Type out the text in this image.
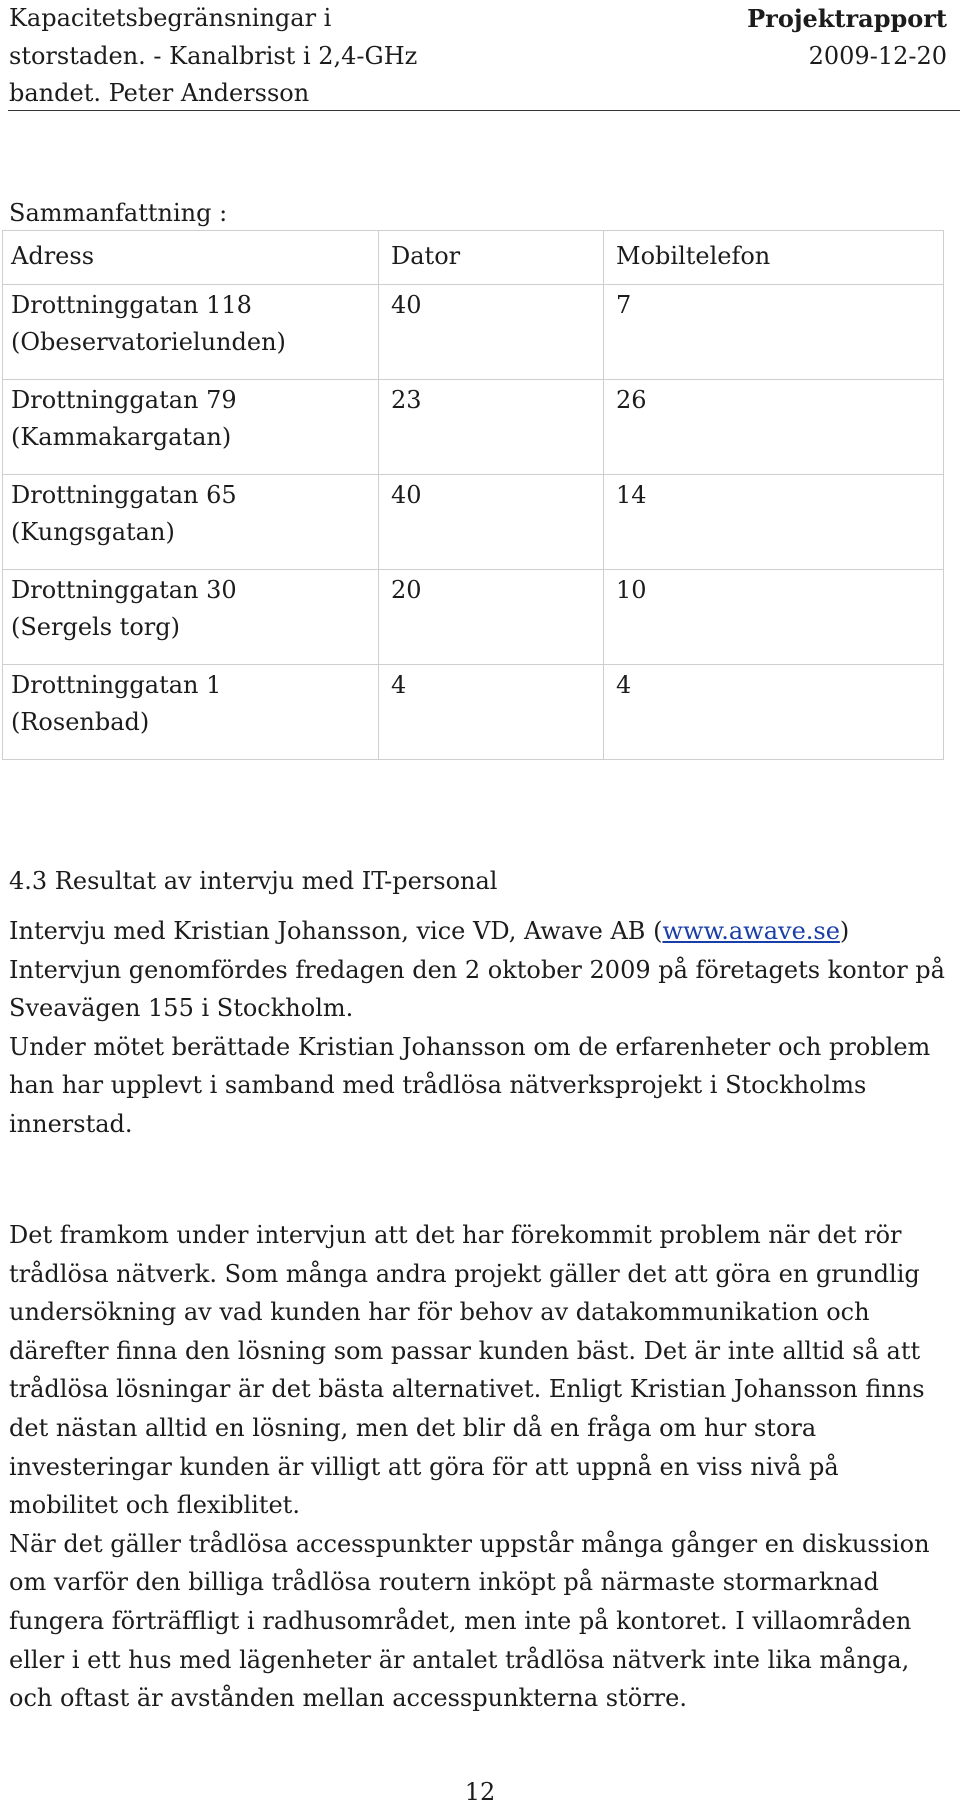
Kapacitetsbegränsningar i
storstaden. - Kanalbrist i 2,4-GHz
bandet. Peter Andersson
Projektrapport
2009-12-20
Sammanfattning :
Adress	Dator	Mobiltelefon

Drottninggatan 118
(Obeservatorielunden)	40	7

Drottninggatan 79
(Kammakargatan)	23	26

Drottninggatan 65
(Kungsgatan)	40	14

Drottninggatan 30
(Sergels torg)	20	10

Drottninggatan 1
(Rosenbad)	4	4
4.3 Resultat av intervju med IT-personal

Intervju med Kristian Johansson, vice VD, Awave AB (www.awave.se)

Intervjun genomfördes fredagen den 2 oktober 2009 på företagets kontor på Sveavägen 155 i Stockholm.

Under mötet berättade Kristian Johansson om de erfarenheter och problem han har upplevt i samband med trådlösa nätverksprojekt i Stockholms innerstad.

Det framkom under intervjun att det har förekommit problem när det rör trådlösa nätverk. Som många andra projekt gäller det att göra en grundlig undersökning av vad kunden har för behov av datakommunikation och därefter finna den lösning som passar kunden bäst. Det är inte alltid så att trådlösa lösningar är det bästa alternativet. Enligt Kristian Johansson finns det nästan alltid en lösning, men det blir då en fråga om hur stora investeringar kunden är villigt att göra för att uppnå en viss nivå på mobilitet och flexiblitet.

När det gäller trådlösa accesspunkter uppstår många gånger en diskussion om varför den billiga trådlösa routern inköpt på närmaste stormarknad fungera förträffligt i radhusområdet, men inte på kontoret. I villaområden eller i ett hus med lägenheter är antalet trådlösa nätverk inte lika många, och oftast är avstånden mellan accesspunkterna större.

12
